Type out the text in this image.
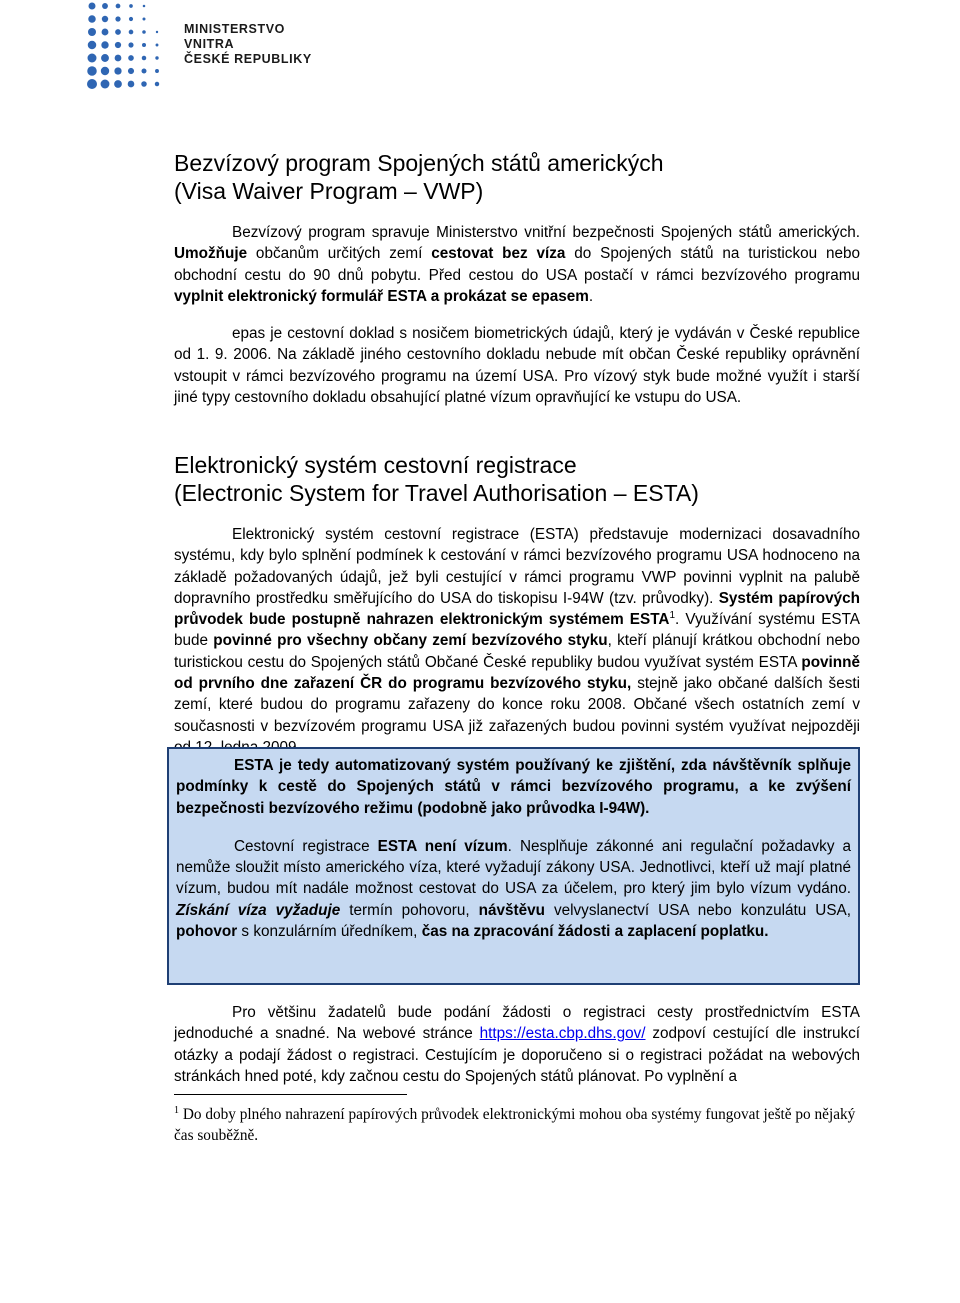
MINISTERSTVO VNITRA
ČESKÉ REPUBLIKY
Bezvízový program Spojených států amerických
(Visa Waiver Program – VWP)

Bezvízový program spravuje Ministerstvo vnitřní bezpečnosti Spojených států amerických. Umožňuje občanům určitých zemí cestovat bez víza do Spojených států na turistickou nebo obchodní cestu do 90 dnů pobytu. Před cestou do USA postačí v rámci bezvízového programu vyplnit elektronický formulář ESTA a prokázat se epasem.

epas je cestovní doklad s nosičem biometrických údajů, který je vydáván v České republice od 1. 9. 2006. Na základě jiného cestovního dokladu nebude mít občan České republiky oprávnění vstoupit v rámci bezvízového programu na území USA. Pro vízový styk bude možné využít i starší jiné typy cestovního dokladu obsahující platné vízum opravňující ke vstupu do USA.

Elektronický systém cestovní registrace
(Electronic System for Travel Authorisation – ESTA)

Elektronický systém cestovní registrace (ESTA) představuje modernizaci dosavadního systému, kdy bylo splnění podmínek k cestování v rámci bezvízového programu USA hodnoceno na základě požadovaných údajů, jež byli cestující v rámci programu VWP povinni vyplnit na palubě dopravního prostředku směřujícího do USA do tiskopisu I-94W (tzv. průvodky). Systém papírových průvodek bude postupně nahrazen elektronickým systémem ESTA$^1$. Využívání systému ESTA bude povinné pro všechny občany zemí bezvízového styku, kteří plánují krátkou obchodní nebo turistickou cestu do Spojených států Občané České republiky budou využívat systém ESTA povinně od prvního dne zařazení ČR do programu bezvízového styku, stejně jako občané dalších šesti zemí, které budou do programu zařazeny do konce roku 2008. Občané všech ostatních zemí v současnosti v bezvízovém programu USA již zařazených budou povinni systém využívat nejpozději

ESTA je tedy automatizovaný systém používaný ke zjištění, zda návštěvník splňuje podmínky k cestě do Spojených států v rámci bezvízového programu, a ke zvýšení bezpečnosti bezvízového režimu (podobně jako průvodka I-94W).

Cestovní registrace ESTA není vízum. Nesplňuje zákonné ani regulační požadavky a nemůže sloužit místo amerického víza, které vyžadují zákony USA. Jednotlivci, kteří už mají platné vízum, budou mít nadále možnost cestovat do USA za účelem, pro který jim bylo vízum vydáno. Získání víza vyžaduje termín pohovoru, návštěvu velvyslanectví USA nebo konzulátu USA, pohovor s konzulárním úředníkem, čas na zpracování žádosti a zaplacení poplatku.

Pro většinu žadatelů bude podání žádosti o registraci cesty prostřednictvím ESTA jednoduché a snadné. Na webové stránce https://esta.cbp.dhs.gov/ zodpoví cestující dle instrukcí otázky a podají žádost o registraci. Cestujícím je doporučeno si o registraci požádat na webových stránkách hned poté, kdy začnou cestu do Spojených států plánovat. Po vyplnění a

$^1$ Do doby plného nahrazení papírových průvodek elektronickými mohou oba systémy fungovat ještě po nějaký čas souběžně.
